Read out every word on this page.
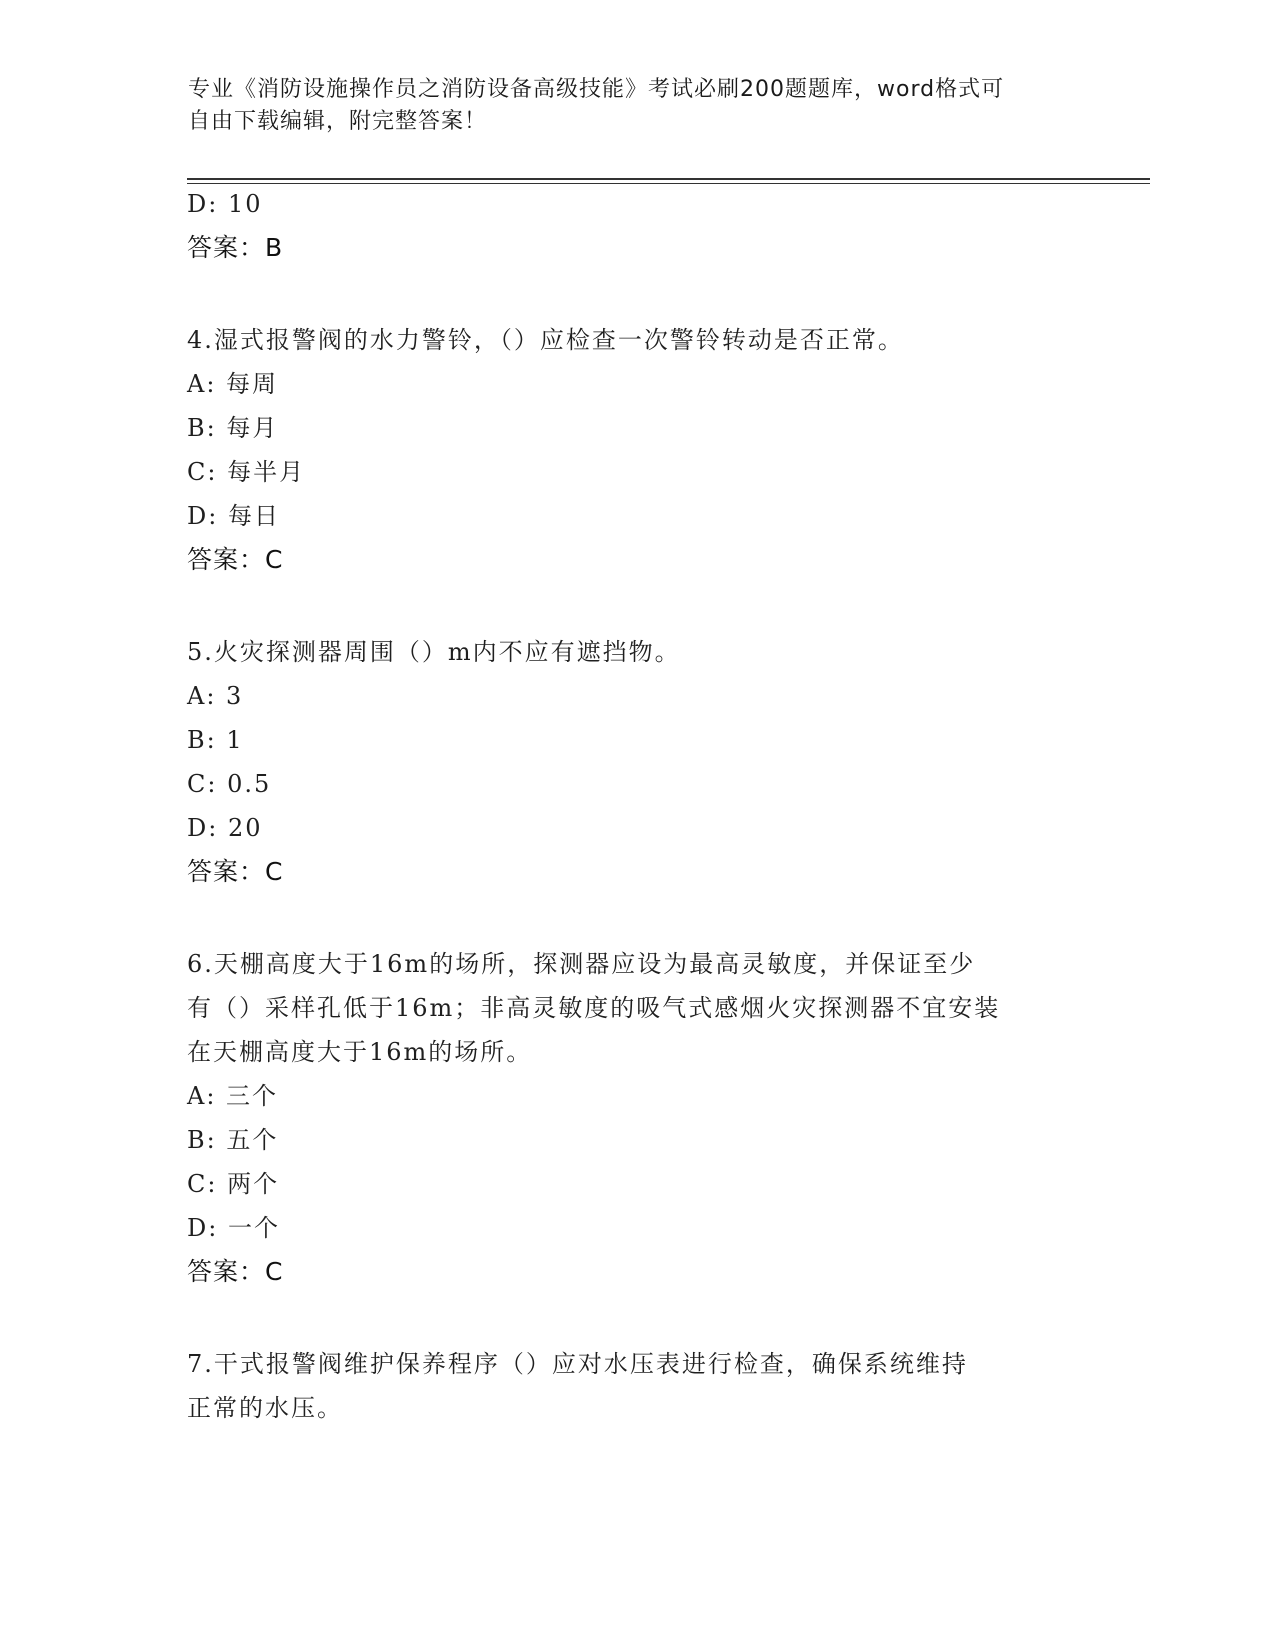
专业《消防设施操作员之消防设备高级技能》考试必刷200题题库，word格式可
自由下载编辑，附完整答案！
D: 10
答案：B
4.湿式报警阀的水力警铃，（）应检查一次警铃转动是否正常。
A: 每周
B: 每月
C: 每半月
D: 每日
答案：C
5.火灾探测器周围（）m内不应有遮挡物。
A: 3
B: 1
C: 0.5
D: 20
答案：C
6.天棚高度大于16m的场所，探测器应设为最高灵敏度，并保证至少
有（）采样孔低于16m；非高灵敏度的吸气式感烟火灾探测器不宜安装
在天棚高度大于16m的场所。
A: 三个
B: 五个
C: 两个
D: 一个
答案：C
7.干式报警阀维护保养程序（）应对水压表进行检查，确保系统维持
正常的水压。
